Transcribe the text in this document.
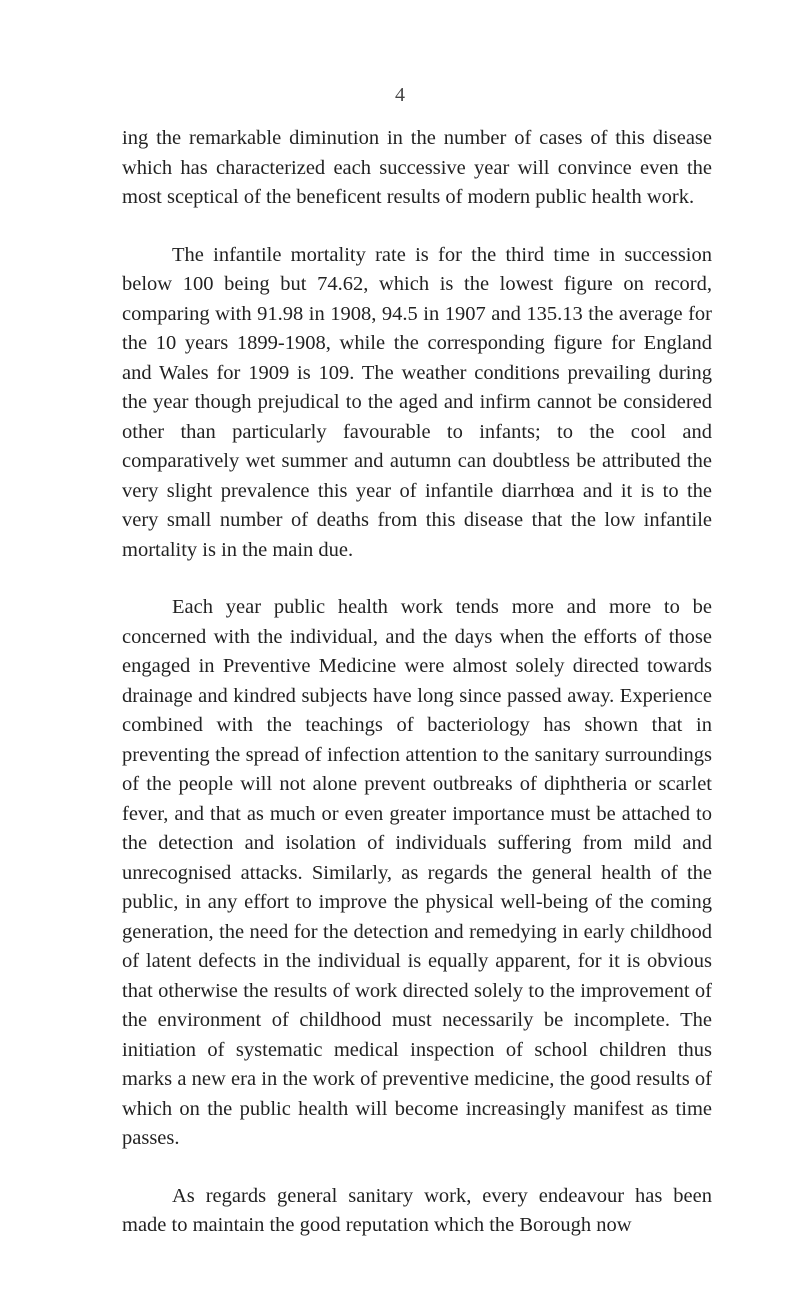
4

ing the remarkable diminution in the number of cases of this disease which has characterized each successive year will convince even the most sceptical of the beneficent results of modern public health work.

The infantile mortality rate is for the third time in succession below 100 being but 74.62, which is the lowest figure on record, comparing with 91.98 in 1908, 94.5 in 1907 and 135.13 the average for the 10 years 1899-1908, while the corresponding figure for England and Wales for 1909 is 109. The weather conditions prevailing during the year though prejudical to the aged and infirm cannot be considered other than particularly favourable to infants; to the cool and comparatively wet summer and autumn can doubtless be attributed the very slight prevalence this year of infantile diarrhœa and it is to the very small number of deaths from this disease that the low infantile mortality is in the main due.

Each year public health work tends more and more to be concerned with the individual, and the days when the efforts of those engaged in Preventive Medicine were almost solely directed towards drainage and kindred subjects have long since passed away. Experience combined with the teachings of bacteriology has shown that in preventing the spread of infection attention to the sanitary surroundings of the people will not alone prevent outbreaks of diphtheria or scarlet fever, and that as much or even greater importance must be attached to the detection and isolation of individuals suffering from mild and unrecognised attacks. Similarly, as regards the general health of the public, in any effort to improve the physical well-being of the coming generation, the need for the detection and remedying in early childhood of latent defects in the individual is equally apparent, for it is obvious that otherwise the results of work directed solely to the improvement of the environment of childhood must necessarily be incomplete. The initiation of systematic medical inspection of school children thus marks a new era in the work of preventive medicine, the good results of which on the public health will become increasingly manifest as time passes.

As regards general sanitary work, every endeavour has been made to maintain the good reputation which the Borough now
